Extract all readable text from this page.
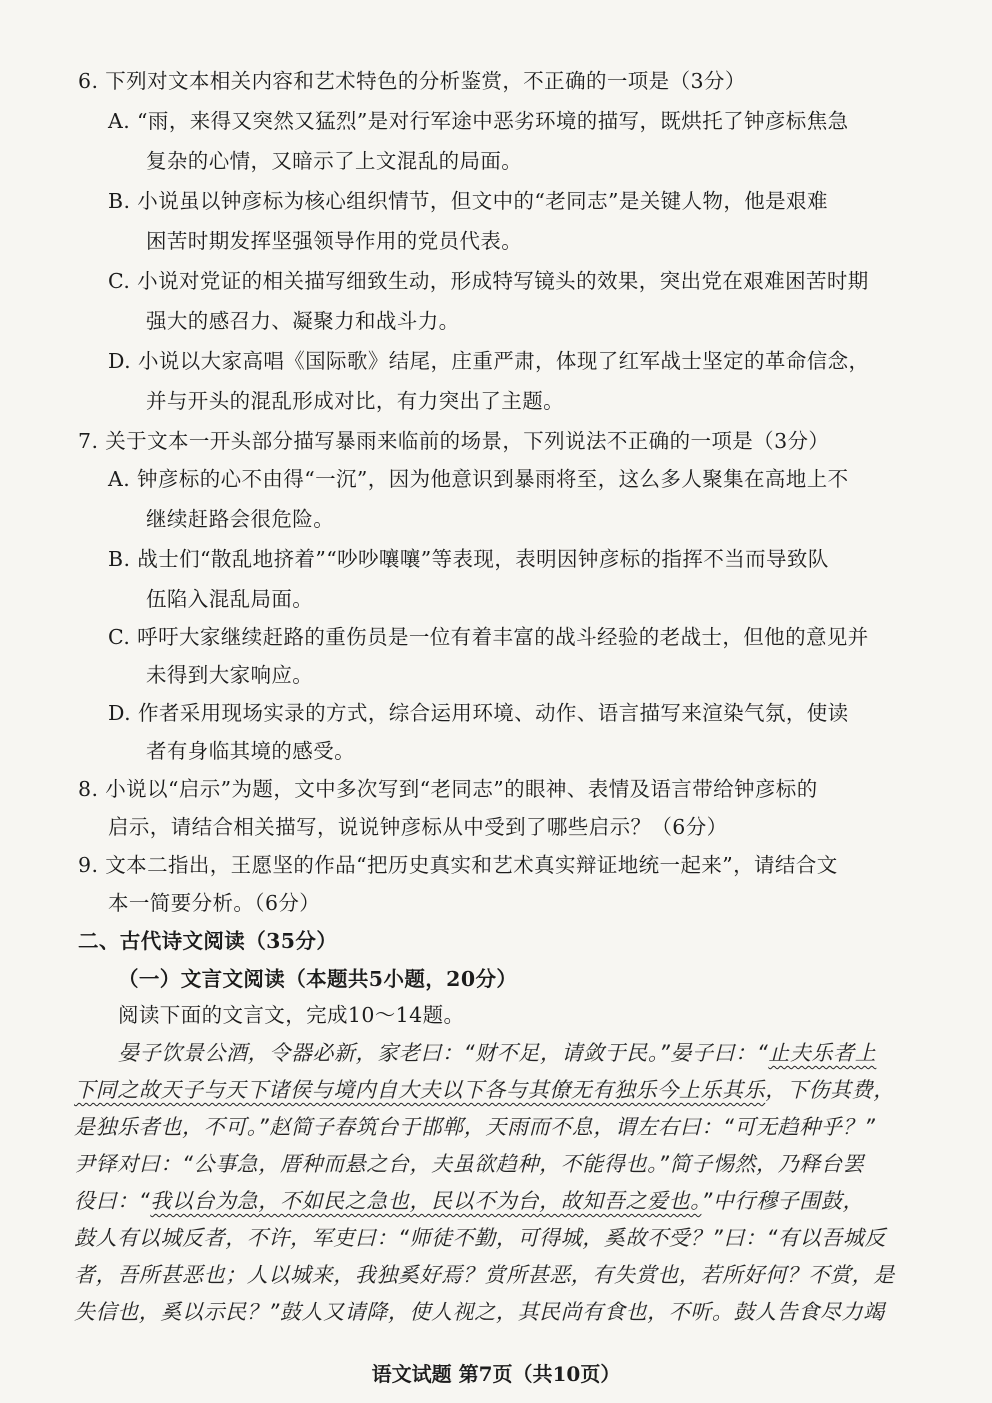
6. 下列对文本相关内容和艺术特色的分析鉴赏，不正确的一项是（3分）
A. “雨，来得又突然又猛烈”是对行军途中恶劣环境的描写，既烘托了钟彦标焦急
复杂的心情，又暗示了上文混乱的局面。
B. 小说虽以钟彦标为核心组织情节，但文中的“老同志”是关键人物，他是艰难
困苦时期发挥坚强领导作用的党员代表。
C. 小说对党证的相关描写细致生动，形成特写镜头的效果，突出党在艰难困苦时期
强大的感召力、凝聚力和战斗力。
D. 小说以大家高唱《国际歌》结尾，庄重严肃，体现了红军战士坚定的革命信念，
并与开头的混乱形成对比，有力突出了主题。
7. 关于文本一开头部分描写暴雨来临前的场景，下列说法不正确的一项是（3分）
A. 钟彦标的心不由得“一沉”，因为他意识到暴雨将至，这么多人聚集在高地上不
继续赶路会很危险。
B. 战士们“散乱地挤着”“吵吵嚷嚷”等表现，表明因钟彦标的指挥不当而导致队
伍陷入混乱局面。
C. 呼吁大家继续赶路的重伤员是一位有着丰富的战斗经验的老战士，但他的意见并
未得到大家响应。
D. 作者采用现场实录的方式，综合运用环境、动作、语言描写来渲染气氛，使读
者有身临其境的感受。
8. 小说以“启示”为题，文中多次写到“老同志”的眼神、表情及语言带给钟彦标的
启示，请结合相关描写，说说钟彦标从中受到了哪些启示？（6分）
9. 文本二指出，王愿坚的作品“把历史真实和艺术真实辩证地统一起来”，请结合文
本一简要分析。（6分）
二、古代诗文阅读（35分）
（一）文言文阅读（本题共5小题，20分）
阅读下面的文言文，完成10～14题。
晏子饮景公酒，令器必新，家老曰：“财不足，请敛于民。”晏子曰：“止夫乐者上
下同之故天子与天下诸侯与境内自大夫以下各与其僚无有独乐今上乐其乐，下伤其费，
是独乐者也，不可。”赵简子春筑台于邯郸，天雨而不息，谓左右曰：“可无趋种乎？”
尹铎对曰：“公事急，厝种而悬之台，夫虽欲趋种，不能得也。”简子惕然，乃释台罢
役曰：“我以台为急，不如民之急也，民以不为台，故知吾之爱也。”中行穆子围鼓，
鼓人有以城反者，不许，军吏曰：“师徒不勤，可得城，奚故不受？”曰：“有以吾城反
者，吾所甚恶也；人以城来，我独奚好焉？赏所甚恶，有失赏也，若所好何？不赏，是
失信也，奚以示民？”鼓人又请降，使人视之，其民尚有食也，不听。鼓人告食尽力竭
语文试题 第7页（共10页）
